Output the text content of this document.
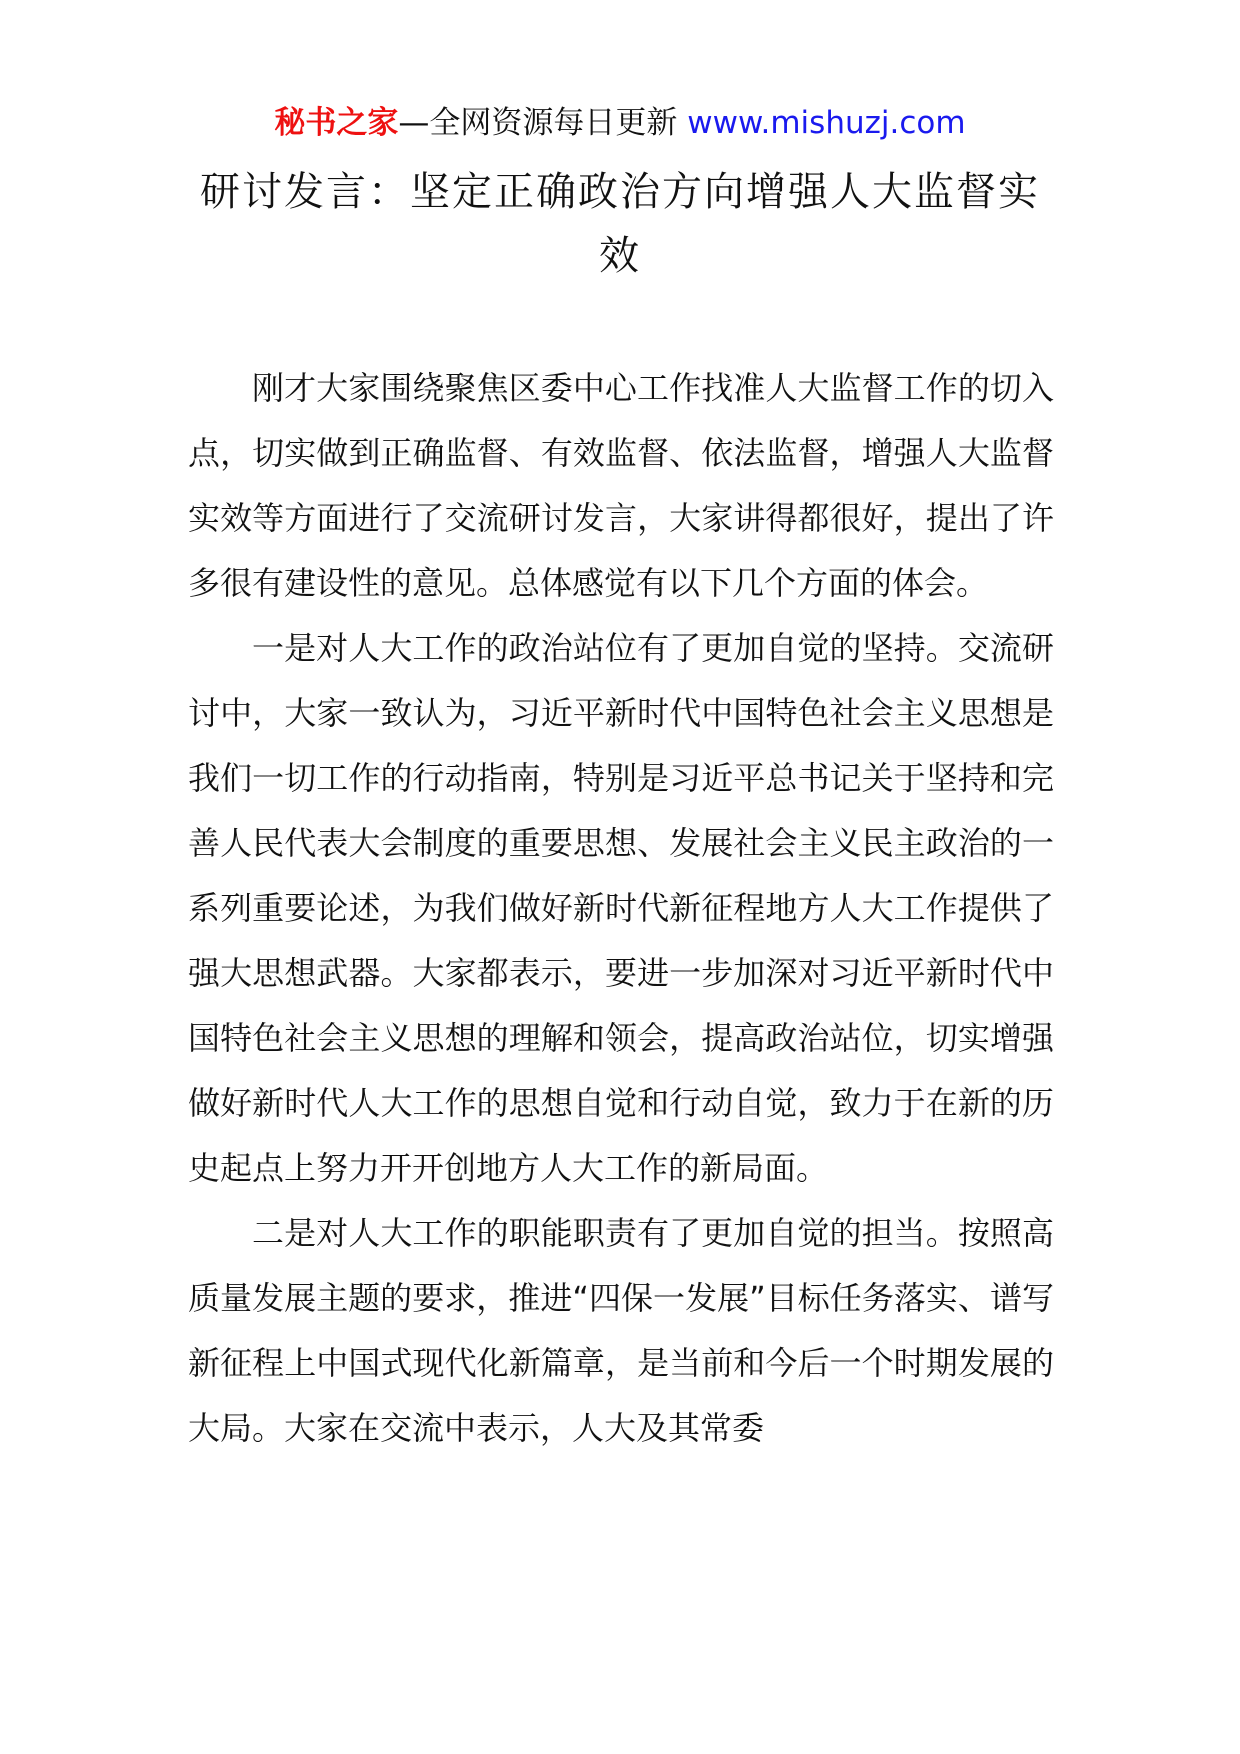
秘书之家—全网资源每日更新 www.mishuzj.com
研讨发言：坚定正确政治方向增强人大监督实效

刚才大家围绕聚焦区委中心工作找准人大监督工作的切入点，切实做到正确监督、有效监督、依法监督，增强人大监督实效等方面进行了交流研讨发言，大家讲得都很好，提出了许多很有建设性的意见。总体感觉有以下几个方面的体会。

一是对人大工作的政治站位有了更加自觉的坚持。交流研讨中，大家一致认为，习近平新时代中国特色社会主义思想是我们一切工作的行动指南，特别是习近平总书记关于坚持和完善人民代表大会制度的重要思想、发展社会主义民主政治的一系列重要论述，为我们做好新时代新征程地方人大工作提供了强大思想武器。大家都表示，要进一步加深对习近平新时代中国特色社会主义思想的理解和领会，提高政治站位，切实增强做好新时代人大工作的思想自觉和行动自觉，致力于在新的历史起点上努力开开创地方人大工作的新局面。

二是对人大工作的职能职责有了更加自觉的担当。按照高质量发展主题的要求，推进“四保一发展”目标任务落实、谱写新征程上中国式现代化新篇章，是当前和今后一个时期发展的大局。大家在交流中表示，人大及其常委
